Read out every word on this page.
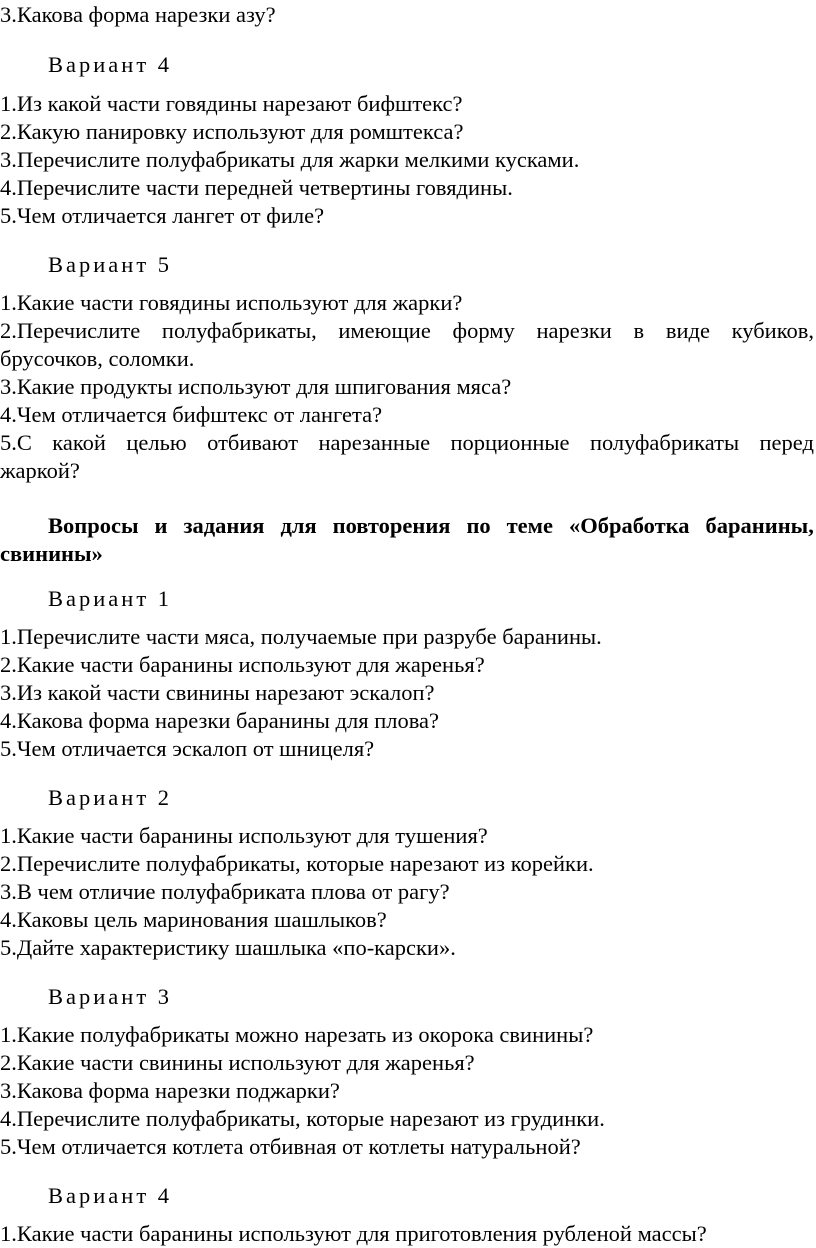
3.Какова форма нарезки азу?
Вариант 4
1.Из какой части говядины нарезают бифштекс?
2.Какую панировку используют для ромштекса?
3.Перечислите полуфабрикаты для жарки мелкими кусками.
4.Перечислите части передней четвертины говядины.
5.Чем отличается лангет от филе?
Вариант 5
1.Какие части говядины используют для жарки?
2.Перечислите полуфабрикаты, имеющие форму нарезки в виде кубиков,
брусочков, соломки.
3.Какие продукты используют для шпигования мяса?
4.Чем отличается бифштекс от лангета?
5.С какой целью отбивают нарезанные порционные полуфабрикаты перед
жаркой?
Вопросы и задания для повторения по теме «Обработка баранины,
свинины»
Вариант 1
1.Перечислите части мяса, получаемые при разрубе баранины.
2.Какие части баранины используют для жаренья?
3.Из какой части свинины нарезают эскалоп?
4.Какова форма нарезки баранины для плова?
5.Чем отличается эскалоп от шницеля?
Вариант 2
1.Какие части баранины используют для тушения?
2.Перечислите полуфабрикаты, которые нарезают из корейки.
3.В чем отличие полуфабриката плова от рагу?
4.Каковы цель маринования шашлыков?
5.Дайте характеристику шашлыка «по-карски».
Вариант 3
1.Какие полуфабрикаты можно нарезать из окорока свинины?
2.Какие части свинины используют для жаренья?
3.Какова форма нарезки поджарки?
4.Перечислите полуфабрикаты, которые нарезают из грудинки.
5.Чем отличается котлета отбивная от котлеты натуральной?
Вариант 4
1.Какие части баранины используют для приготовления рубленой массы?
